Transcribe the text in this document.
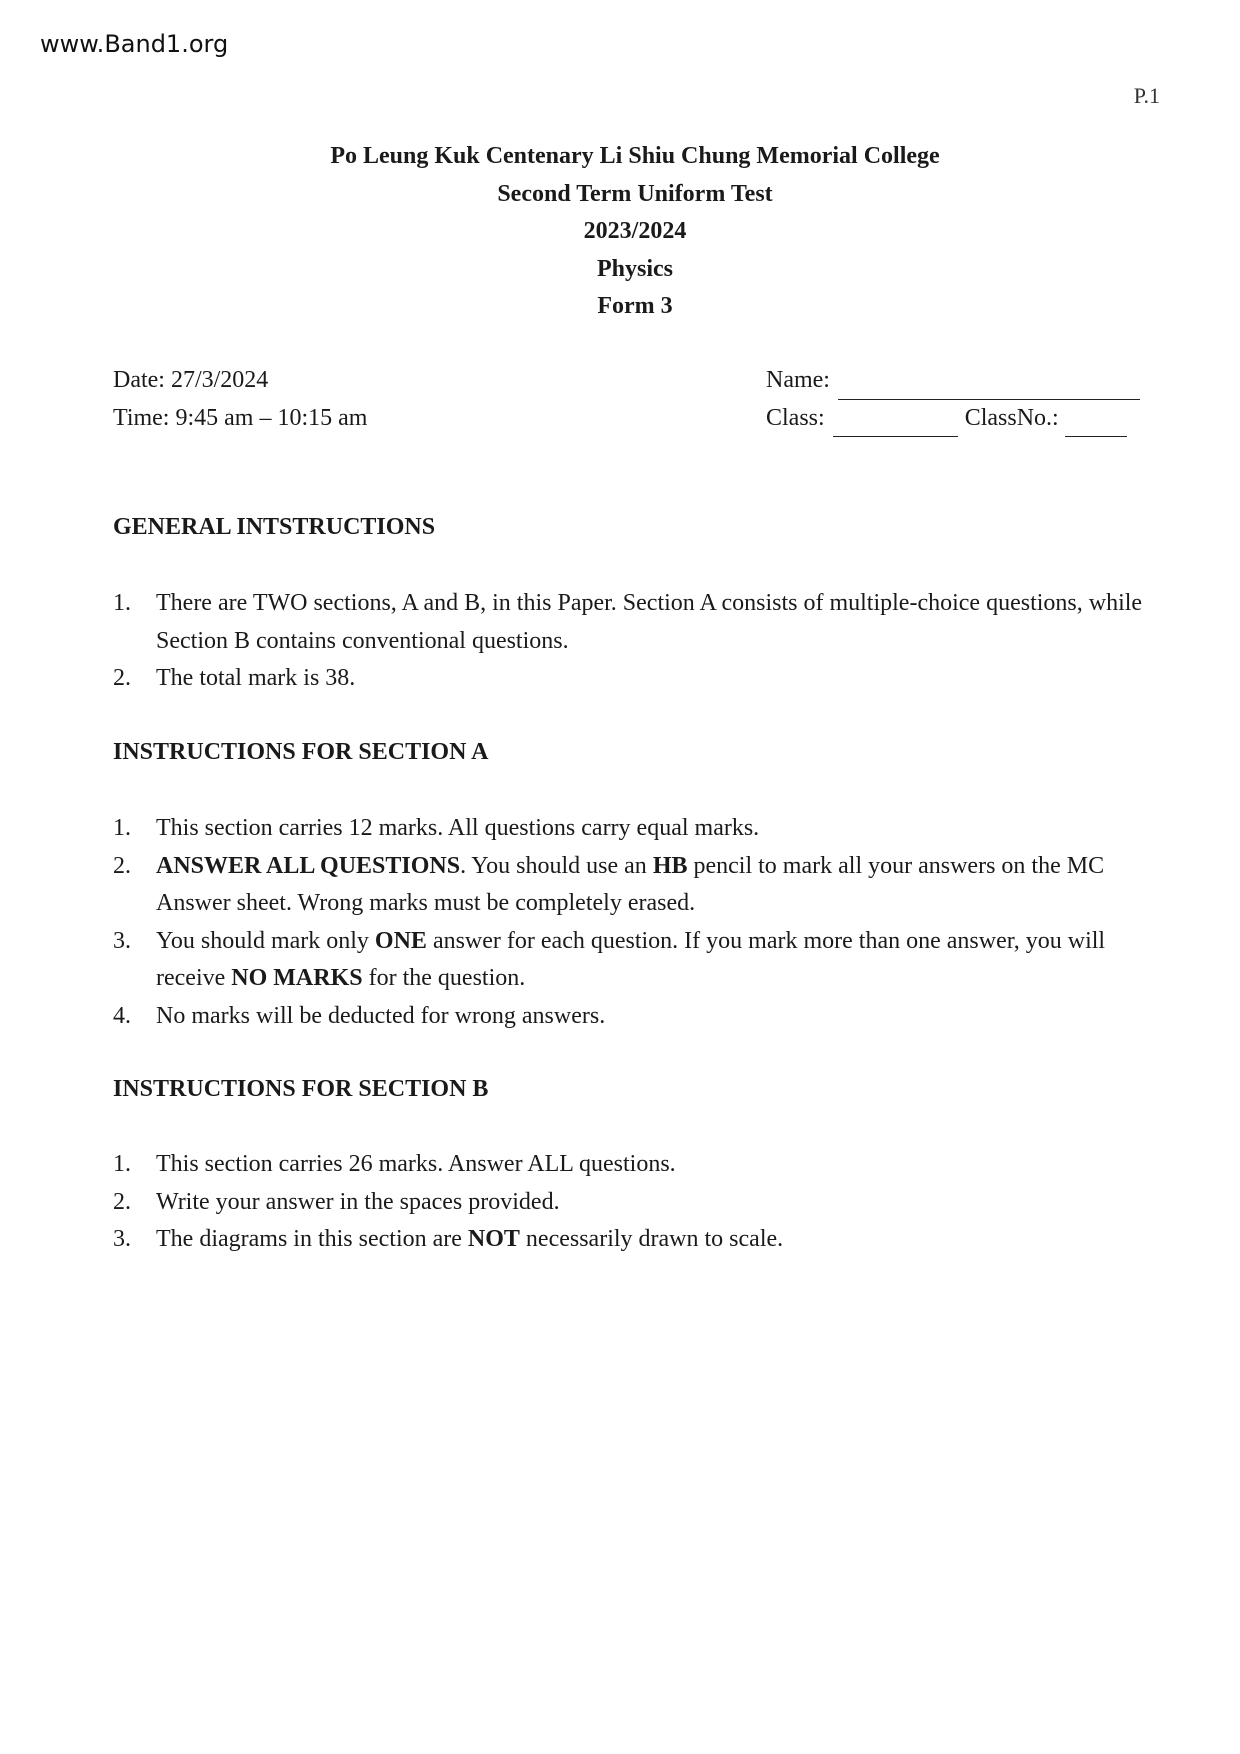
www.Band1.org
P.1
Po Leung Kuk Centenary Li Shiu Chung Memorial College
Second Term Uniform Test
2023/2024
Physics
Form 3
Date: 27/3/2024
Time: 9:45 am – 10:15 am
Name:
Class:	ClassNo.:
GENERAL INTSTRUCTIONS
1.	There are TWO sections, A and B, in this Paper. Section A consists of multiple-choice questions, while Section B contains conventional questions.
2.	The total mark is 38.
INSTRUCTIONS FOR SECTION A
1.	This section carries 12 marks. All questions carry equal marks.
2.	ANSWER ALL QUESTIONS. You should use an HB pencil to mark all your answers on the MC Answer sheet. Wrong marks must be completely erased.
3.	You should mark only ONE answer for each question. If you mark more than one answer, you will receive NO MARKS for the question.
4.	No marks will be deducted for wrong answers.
INSTRUCTIONS FOR SECTION B
1.	This section carries 26 marks. Answer ALL questions.
2.	Write your answer in the spaces provided.
3.	The diagrams in this section are NOT necessarily drawn to scale.
